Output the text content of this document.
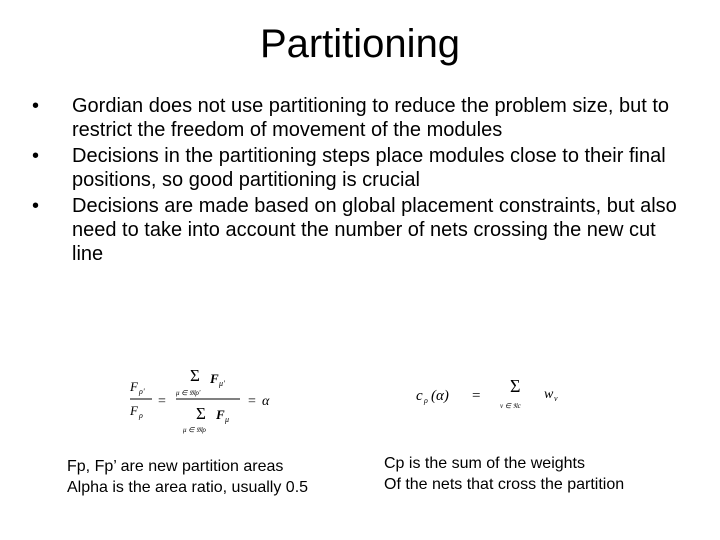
Partitioning
• Gordian does not use partitioning to reduce the problem size, but to restrict the freedom of movement of the modules
• Decisions in the partitioning steps place modules close to their final positions, so good partitioning is crucial
• Decisions are made based on global placement constraints, but also need to take into account the number of nets crossing the new cut line
F ρ'
F ρ
=
Σ
μ ∈ 𝔐ρ'
F μ'
Σ
μ ∈ 𝔐ρ
F μ
= α	c ρ (α) = Σ
ν ∈ 𝔑c
w ν
Fp, Fp’ are new partition areas
Alpha is the area ratio, usually 0.5
Cp is the sum of the weights
Of the nets that cross the partition
